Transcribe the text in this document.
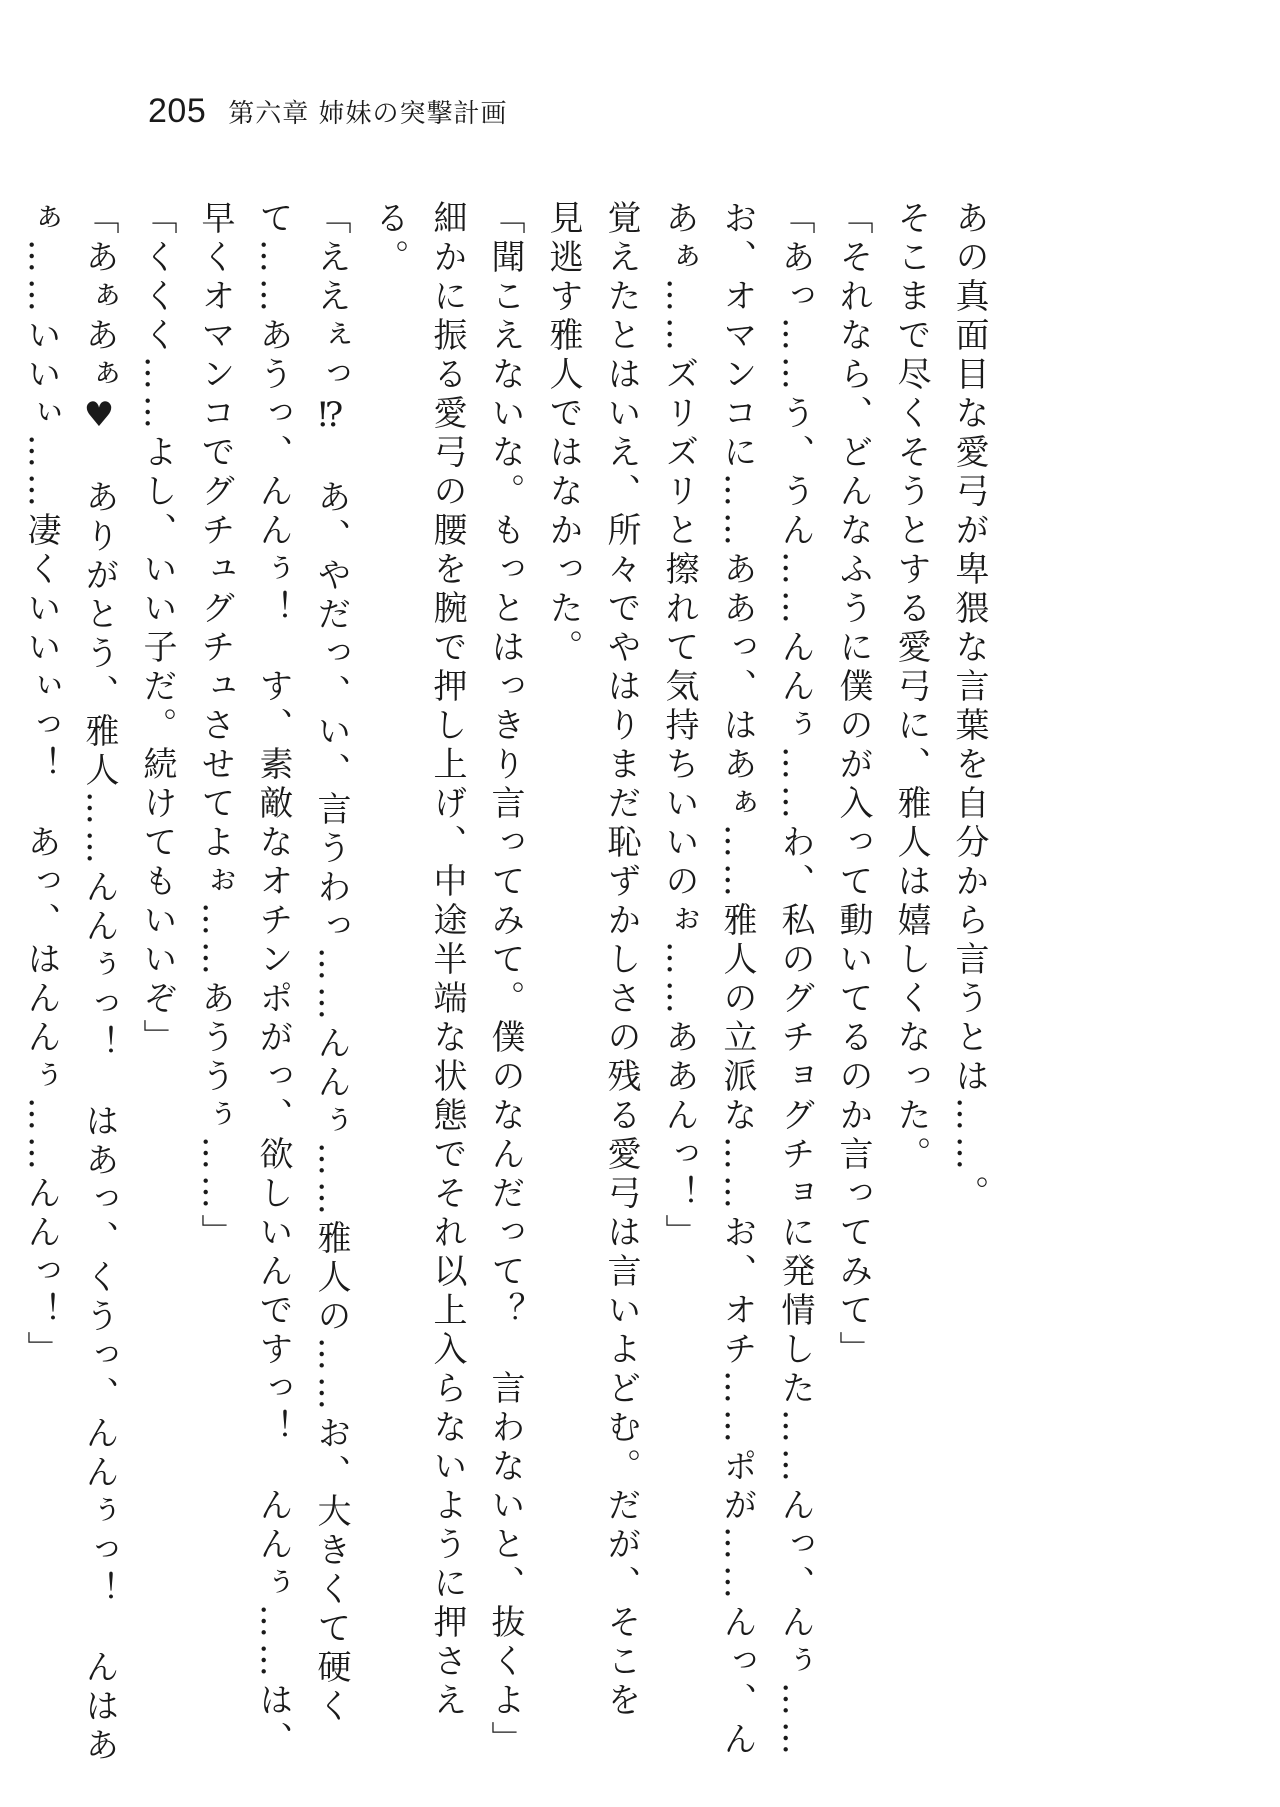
205 第六章 姉妹の突撃計画
あの真面目な愛弓が卑猥な言葉を自分から言うとは……。
そこまで尽くそうとする愛弓に、雅人は嬉しくなった。
「それなら、どんなふうに僕のが入って動いてるのか言ってみて」
「あっ……う、うん……んんぅ……わ、私のグチョグチョに発情した……んっ、んぅ……
お、オマンコに……ああっ、はあぁ……雅人の立派な……お、オチ……ポが……んっ、ん
あぁ……ズリズリと擦れて気持ちいいのぉ……ああんっ！」
覚えたとはいえ、所々でやはりまだ恥ずかしさの残る愛弓は言いよどむ。だが、そこを
見逃す雅人ではなかった。
「聞こえないな。もっとはっきり言ってみて。僕のなんだって？　言わないと、抜くよ」
細かに振る愛弓の腰を腕で押し上げ、中途半端な状態でそれ以上入らないように押さえ
る。
「ええぇっ⁉　あ、やだっ、い、言うわっ……んんぅ……雅人の……お、大きくて硬く
て……あうっ、んんぅ！　す、素敵なオチンポがっ、欲しいんですっ！　んんぅ……は、
早くオマンコでグチュグチュさせてよぉ……あううぅ……」
「くくく……よし、いい子だ。続けてもいいぞ」
「あぁあぁ♥　ありがとう、雅人……んんぅっ！　はあっ、くうっ、んんぅっ！　んはあ
ぁ……いいぃ……凄くいいぃっ！　あっ、はんんぅ……んんっ！」
